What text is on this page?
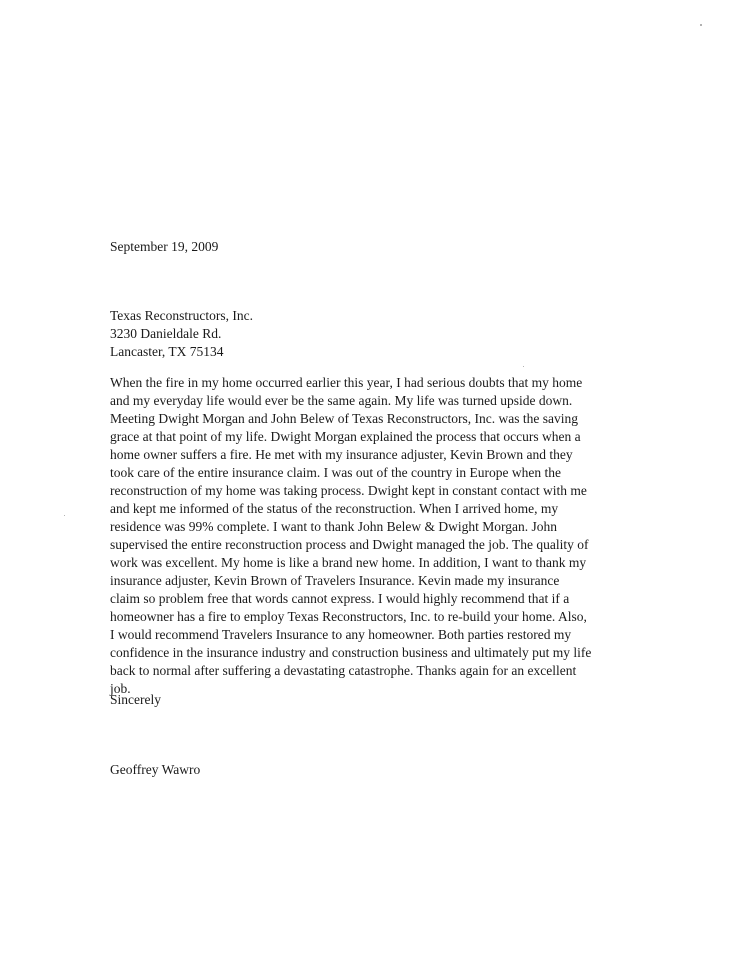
September 19, 2009
Texas Reconstructors, Inc.
3230 Danieldale Rd.
Lancaster, TX 75134
When the fire in my home occurred earlier this year, I had serious doubts that my home
and my everyday life would ever be the same again. My life was turned upside down.
Meeting Dwight Morgan and John Belew of Texas Reconstructors, Inc. was the saving
grace at that point of my life. Dwight Morgan explained the process that occurs when a
home owner suffers a fire. He met with my insurance adjuster, Kevin Brown and they
took care of the entire insurance claim. I was out of the country in Europe when the
reconstruction of my home was taking process. Dwight kept in constant contact with me
and kept me informed of the status of the reconstruction. When I arrived home, my
residence was 99% complete. I want to thank John Belew & Dwight Morgan. John
supervised the entire reconstruction process and Dwight managed the job. The quality of
work was excellent. My home is like a brand new home. In addition, I want to thank my
insurance adjuster, Kevin Brown of Travelers Insurance. Kevin made my insurance
claim so problem free that words cannot express. I would highly recommend that if a
homeowner has a fire to employ Texas Reconstructors, Inc. to re-build your home. Also,
I would recommend Travelers Insurance to any homeowner. Both parties restored my
confidence in the insurance industry and construction business and ultimately put my life
back to normal after suffering a devastating catastrophe. Thanks again for an excellent
job.
Sincerely
Geoffrey Wawro
